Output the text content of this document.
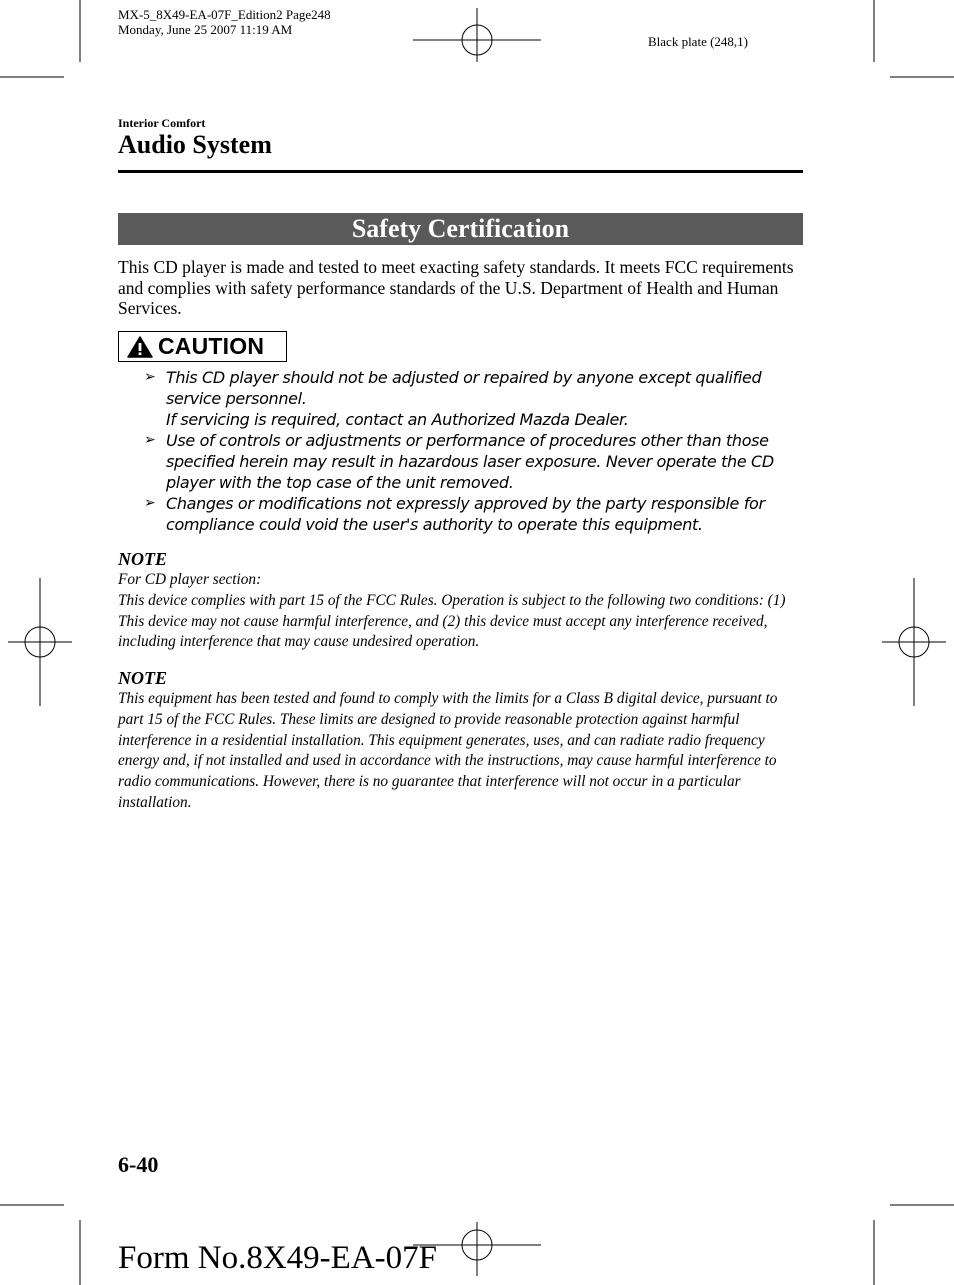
MX-5_8X49-EA-07F_Edition2 Page248
Monday, June 25 2007 11:19 AM
Black plate (248,1)
Interior Comfort
Audio System
Safety Certification
This CD player is made and tested to meet exacting safety standards. It meets FCC requirements and complies with safety performance standards of the U.S. Department of Health and Human Services.
CAUTION
➢ This CD player should not be adjusted or repaired by anyone except qualified service personnel.
If servicing is required, contact an Authorized Mazda Dealer.
➢ Use of controls or adjustments or performance of procedures other than those specified herein may result in hazardous laser exposure. Never operate the CD player with the top case of the unit removed.
➢ Changes or modifications not expressly approved by the party responsible for compliance could void the user's authority to operate this equipment.
NOTE
For CD player section:
This device complies with part 15 of the FCC Rules. Operation is subject to the following two conditions: (1) This device may not cause harmful interference, and (2) this device must accept any interference received, including interference that may cause undesired operation.
NOTE
This equipment has been tested and found to comply with the limits for a Class B digital device, pursuant to part 15 of the FCC Rules. These limits are designed to provide reasonable protection against harmful interference in a residential installation. This equipment generates, uses, and can radiate radio frequency energy and, if not installed and used in accordance with the instructions, may cause harmful interference to radio communications. However, there is no guarantee that interference will not occur in a particular installation.
6-40
Form No.8X49-EA-07F
